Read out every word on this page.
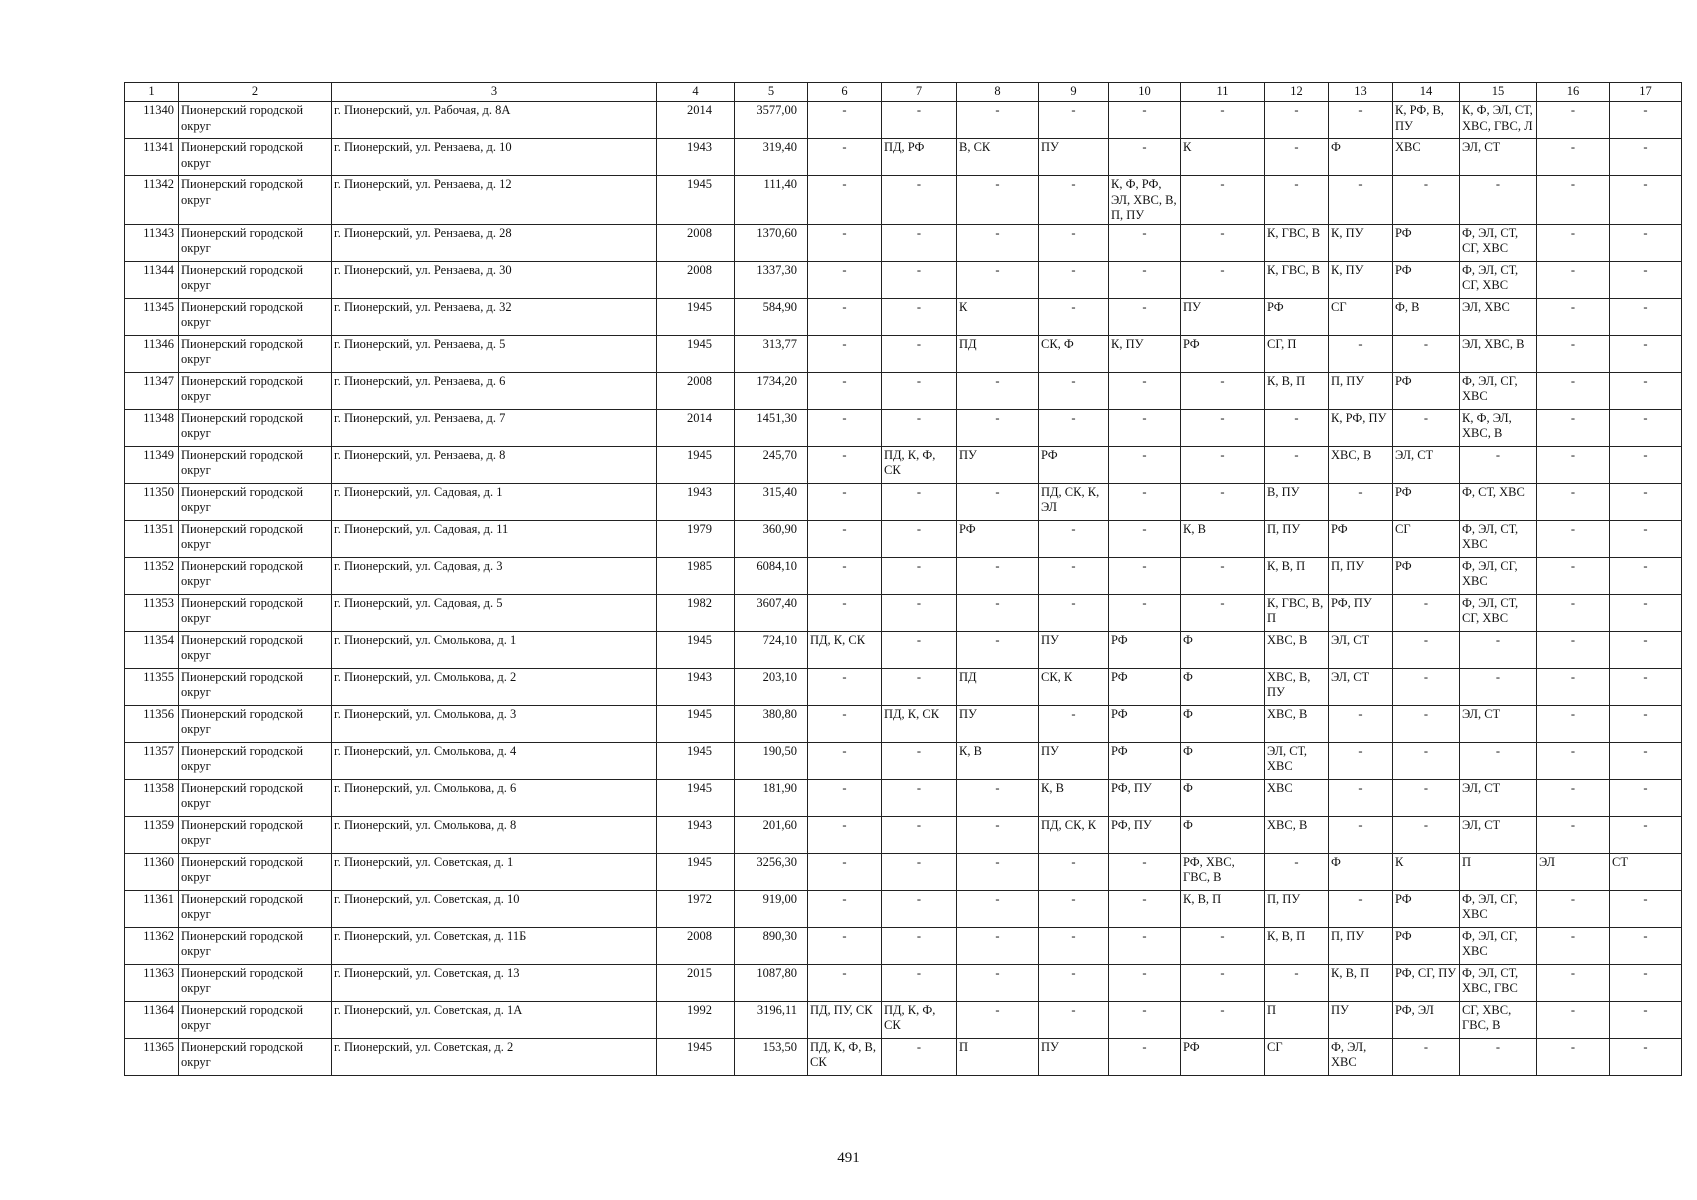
1	2	3	4	5	6	7	8	9	10	11	12	13	14	15	16	17
11340	Пионерский городской округ	г. Пионерский, ул. Рабочая, д. 8А	2014	3577,00	-	-	-	-	-	-	-	-	К, РФ, В, ПУ	К, Ф, ЭЛ, СТ, ХВС, ГВС, Л	-	-
11341	Пионерский городской округ	г. Пионерский, ул. Рензаева, д. 10	1943	319,40	-	ПД, РФ	В, СК	ПУ	-	К	-	Ф	ХВС	ЭЛ, СТ	-	-
11342	Пионерский городской округ	г. Пионерский, ул. Рензаева, д. 12	1945	111,40	-	-	-	-	К, Ф, РФ, ЭЛ, ХВС, В, П, ПУ	-	-	-	-	-	-	-
11343	Пионерский городской округ	г. Пионерский, ул. Рензаева, д. 28	2008	1370,60	-	-	-	-	-	-	К, ГВС, В	К, ПУ	РФ	Ф, ЭЛ, СТ, СГ, ХВС	-	-
11344	Пионерский городской округ	г. Пионерский, ул. Рензаева, д. 30	2008	1337,30	-	-	-	-	-	-	К, ГВС, В	К, ПУ	РФ	Ф, ЭЛ, СТ, СГ, ХВС	-	-
11345	Пионерский городской округ	г. Пионерский, ул. Рензаева, д. 32	1945	584,90	-	-	К	-	-	ПУ	РФ	СГ	Ф, В	ЭЛ, ХВС	-	-
11346	Пионерский городской округ	г. Пионерский, ул. Рензаева, д. 5	1945	313,77	-	-	ПД	СК, Ф	К, ПУ	РФ	СГ, П	-	-	ЭЛ, ХВС, В	-	-
11347	Пионерский городской округ	г. Пионерский, ул. Рензаева, д. 6	2008	1734,20	-	-	-	-	-	-	К, В, П	П, ПУ	РФ	Ф, ЭЛ, СГ, ХВС	-	-
11348	Пионерский городской округ	г. Пионерский, ул. Рензаева, д. 7	2014	1451,30	-	-	-	-	-	-	-	К, РФ, ПУ	-	К, Ф, ЭЛ, ХВС, В	-	-
11349	Пионерский городской округ	г. Пионерский, ул. Рензаева, д. 8	1945	245,70	-	ПД, К, Ф, СК	ПУ	РФ	-	-	-	ХВС, В	ЭЛ, СТ	-	-	-
11350	Пионерский городской округ	г. Пионерский, ул. Садовая, д. 1	1943	315,40	-	-	-	ПД, СК, К, ЭЛ	-	-	В, ПУ	-	РФ	Ф, СТ, ХВС	-	-
11351	Пионерский городской округ	г. Пионерский, ул. Садовая, д. 11	1979	360,90	-	-	РФ	-	-	К, В	П, ПУ	РФ	СГ	Ф, ЭЛ, СТ, ХВС	-	-
11352	Пионерский городской округ	г. Пионерский, ул. Садовая, д. 3	1985	6084,10	-	-	-	-	-	-	К, В, П	П, ПУ	РФ	Ф, ЭЛ, СГ, ХВС	-	-
11353	Пионерский городской округ	г. Пионерский, ул. Садовая, д. 5	1982	3607,40	-	-	-	-	-	-	К, ГВС, В, П	РФ, ПУ	-	Ф, ЭЛ, СТ, СГ, ХВС	-	-
11354	Пионерский городской округ	г. Пионерский, ул. Смолькова, д. 1	1945	724,10	ПД, К, СК	-	-	ПУ	РФ	Ф	ХВС, В	ЭЛ, СТ	-	-	-	-
11355	Пионерский городской округ	г. Пионерский, ул. Смолькова, д. 2	1943	203,10	-	-	ПД	СК, К	РФ	Ф	ХВС, В, ПУ	ЭЛ, СТ	-	-	-	-
11356	Пионерский городской округ	г. Пионерский, ул. Смолькова, д. 3	1945	380,80	-	ПД, К, СК	ПУ	-	РФ	Ф	ХВС, В	-	-	ЭЛ, СТ	-	-
11357	Пионерский городской округ	г. Пионерский, ул. Смолькова, д. 4	1945	190,50	-	-	К, В	ПУ	РФ	Ф	ЭЛ, СТ, ХВС	-	-	-	-	-
11358	Пионерский городской округ	г. Пионерский, ул. Смолькова, д. 6	1945	181,90	-	-	-	К, В	РФ, ПУ	Ф	ХВС	-	-	ЭЛ, СТ	-	-
11359	Пионерский городской округ	г. Пионерский, ул. Смолькова, д. 8	1943	201,60	-	-	-	ПД, СК, К	РФ, ПУ	Ф	ХВС, В	-	-	ЭЛ, СТ	-	-
11360	Пионерский городской округ	г. Пионерский, ул. Советская, д. 1	1945	3256,30	-	-	-	-	-	РФ, ХВС, ГВС, В	-	Ф	К	П	ЭЛ	СТ
11361	Пионерский городской округ	г. Пионерский, ул. Советская, д. 10	1972	919,00	-	-	-	-	-	К, В, П	П, ПУ	-	РФ	Ф, ЭЛ, СГ, ХВС	-	-
11362	Пионерский городской округ	г. Пионерский, ул. Советская, д. 11Б	2008	890,30	-	-	-	-	-	-	К, В, П	П, ПУ	РФ	Ф, ЭЛ, СГ, ХВС	-	-
11363	Пионерский городской округ	г. Пионерский, ул. Советская, д. 13	2015	1087,80	-	-	-	-	-	-	-	К, В, П	РФ, СГ, ПУ	Ф, ЭЛ, СТ, ХВС, ГВС	-	-
11364	Пионерский городской округ	г. Пионерский, ул. Советская, д. 1А	1992	3196,11	ПД, ПУ, СК	ПД, К, Ф, СК	-	-	-	-	П	ПУ	РФ, ЭЛ	СГ, ХВС, ГВС, В	-	-
11365	Пионерский городской округ	г. Пионерский, ул. Советская, д. 2	1945	153,50	ПД, К, Ф, В, СК	-	П	ПУ	-	РФ	СГ	Ф, ЭЛ, ХВС	-	-	-	-
491
